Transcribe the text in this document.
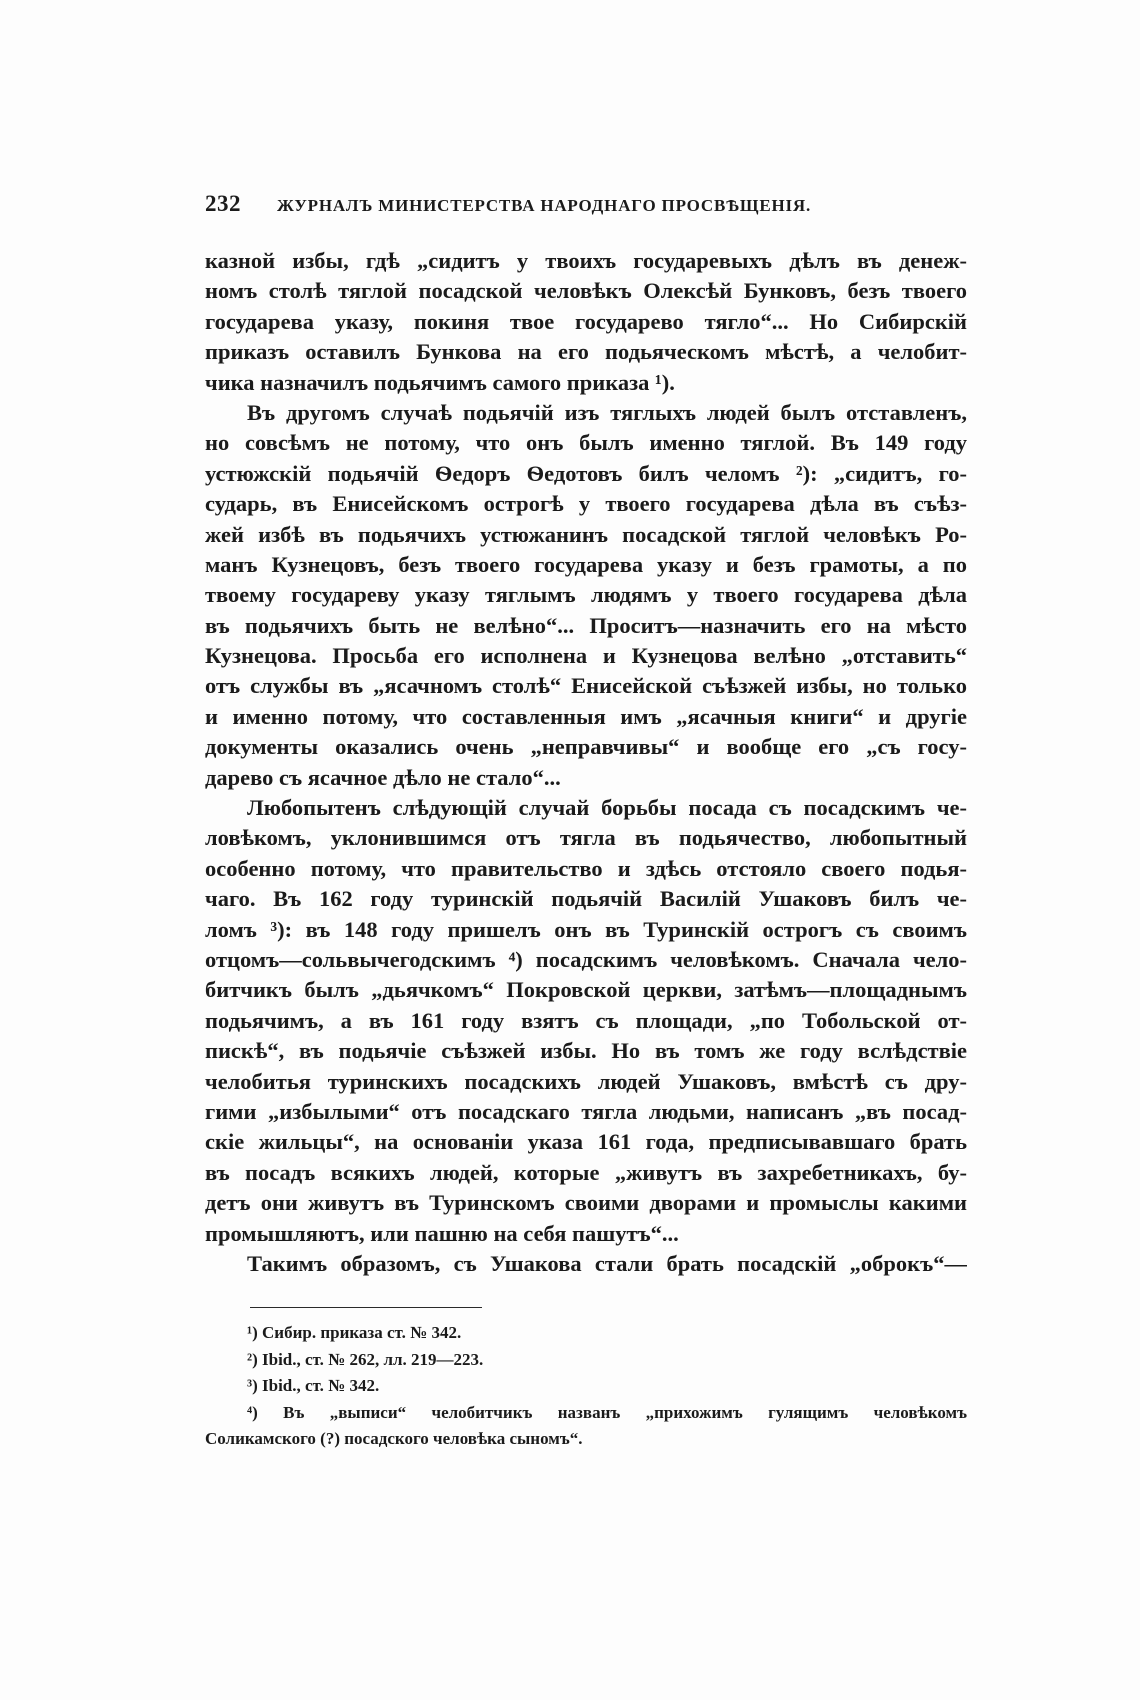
232 ЖУРНАЛЪ МИНИСТЕРСТВА НАРОДНАГО ПРОСВѢЩЕНІЯ.
казной избы, гдѣ „сидитъ у твоихъ государевыхъ дѣлъ въ денеж-
номъ столѣ тяглой посадской человѣкъ Олексѣй Бунковъ, безъ твоего
государева указу, покиня твое государево тягло“... Но Сибирскій
приказъ оставилъ Бункова на его подьяческомъ мѣстѣ, а челобит-
чика назначилъ подьячимъ самого приказа ¹).
Въ другомъ случаѣ подьячій изъ тяглыхъ людей былъ отставленъ,
но совсѣмъ не потому, что онъ былъ именно тяглой. Въ 149 году
устюжскій подьячій Ѳедоръ Ѳедотовъ билъ челомъ ²): „сидитъ, го-
сударь, въ Енисейскомъ острогѣ у твоего государева дѣла въ съѣз-
жей избѣ въ подьячихъ устюжанинъ посадской тяглой человѣкъ Ро-
манъ Кузнецовъ, безъ твоего государева указу и безъ грамоты, а по
твоему государеву указу тяглымъ людямъ у твоего государева дѣла
въ подьячихъ быть не велѣно“... Проситъ—назначить его на мѣсто
Кузнецова. Просьба его исполнена и Кузнецова велѣно „отставить“
отъ службы въ „ясачномъ столѣ“ Енисейской съѣзжей избы, но только
и именно потому, что составленныя имъ „ясачныя книги“ и другіе
документы оказались очень „неправчивы“ и вообще его „съ госу-
дарево съ ясачное дѣло не стало“...
Любопытенъ слѣдующій случай борьбы посада съ посадскимъ че-
ловѣкомъ, уклонившимся отъ тягла въ подьячество, любопытный
особенно потому, что правительство и здѣсь отстояло своего подья-
чаго. Въ 162 году туринскій подьячій Василій Ушаковъ билъ че-
ломъ ³): въ 148 году пришелъ онъ въ Туринскій острогъ съ своимъ
отцомъ—сольвычегодскимъ ⁴) посадскимъ человѣкомъ. Сначала чело-
битчикъ былъ „дьячкомъ“ Покровской церкви, затѣмъ—площаднымъ
подьячимъ, а въ 161 году взятъ съ площади, „по Тобольской от-
пискѣ“, въ подьячіе съѣзжей избы. Но въ томъ же году вслѣдствіе
челобитья туринскихъ посадскихъ людей Ушаковъ, вмѣстѣ съ дру-
гими „избылыми“ отъ посадскаго тягла людьми, написанъ „въ посад-
скіе жильцы“, на основаніи указа 161 года, предписывавшаго брать
въ посадъ всякихъ людей, которые „живутъ въ захребетникахъ, бу-
детъ они живутъ въ Туринскомъ своими дворами и промыслы какими
промышляютъ, или пашню на себя пашутъ“...
Такимъ образомъ, съ Ушакова стали брать посадскій „оброкъ“—
¹) Сибир. приказа ст. № 342.
²) Ibid., ст. № 262, лл. 219—223.
³) Ibid., ст. № 342.
⁴) Въ „выписи“ челобитчикъ названъ „прихожимъ гулящимъ человѣкомъ
Соликамского (?) посадского человѣка сыномъ“.
